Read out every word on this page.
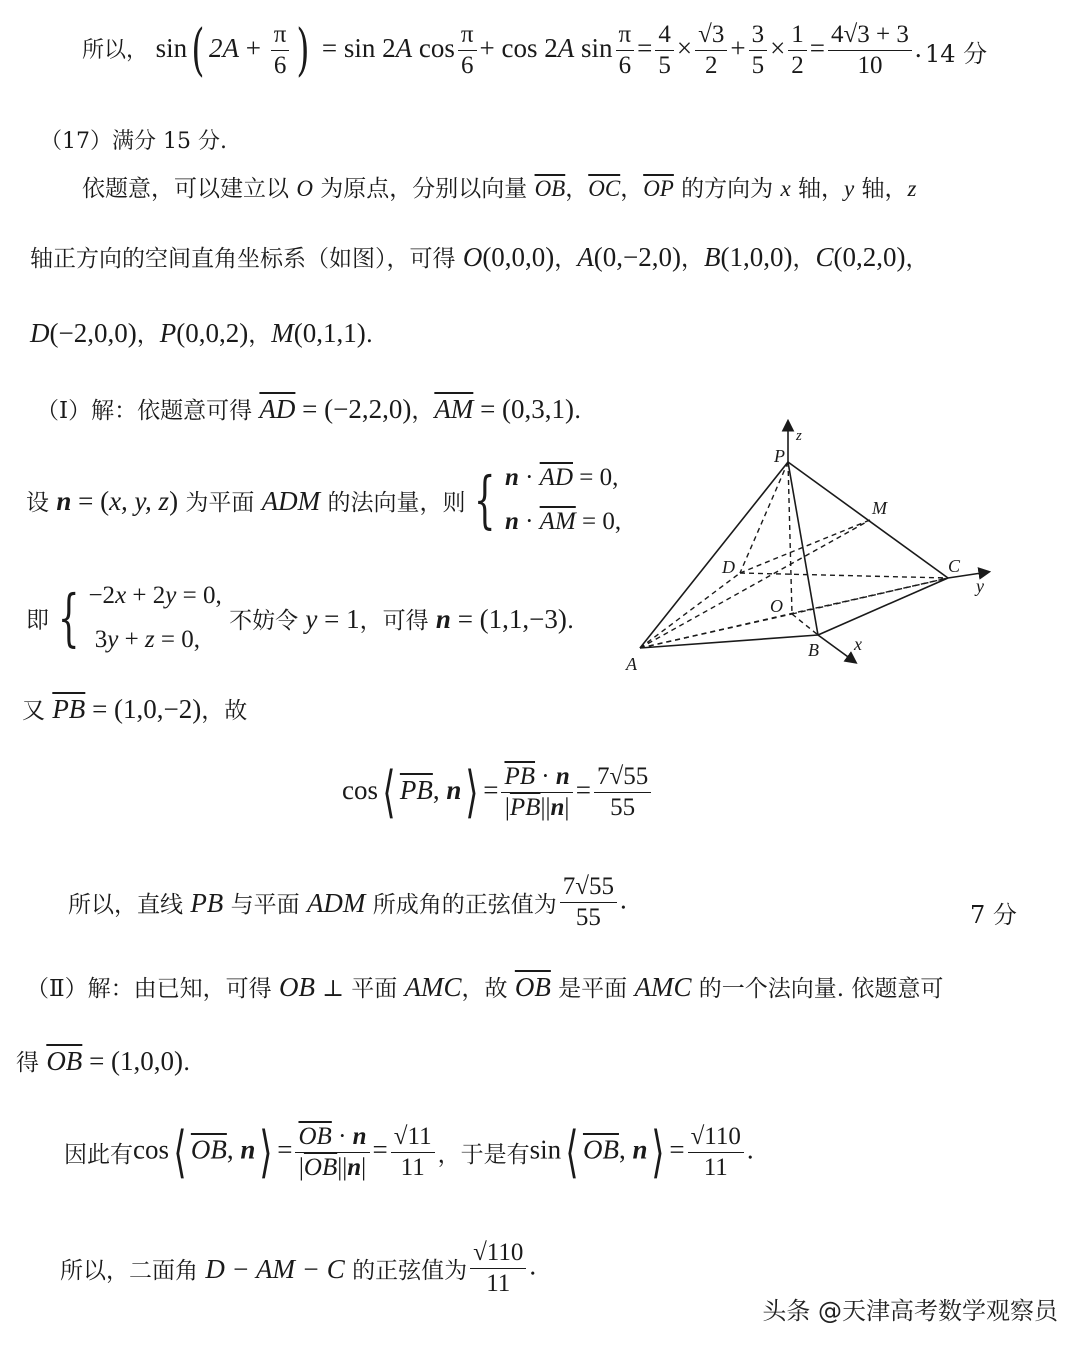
所以， sin( $2A + \frac{\pi}{6}$ ) = sin 2A $\cos \frac{\pi}{6} + \cos 2A$ $\sin \frac{\pi}{6} = \frac{4}{5} \times \frac{√3}{2} + \frac{3}{5} \times \frac{1}{2} = \frac{4√3 + 3}{10}$ . 14 分
（17）满分 15 分.
依题意，可以建立以 O 为原点，分别以向量 $\overline{OB}$，$\overline{OC}$，$\overline{OP}$ 的方向为 x 轴，y 轴，z
轴正方向的空间直角坐标系（如图），可得 O(0,0,0)，A(0,−2,0)，B(1,0,0)，C(0,2,0)，
D(−2,0,0)，P(0,0,2)，M(0,1,1).
（Ⅰ）解：依题意可得 $\overline{AD} = (-2,2,0)$，$\overline{AM} = (0,3,1)$.
设 n = (x, y, z) 为平面 ADM 的法向量，则 { $n \cdot \overline{AD} = 0$,
$n \cdot \overline{AM} = 0$,
即 { −2x + 2y = 0,
3y + z = 0,
不妨令 y = 1，可得 n = (1,1,−3).
又 $\overline{PB} = (1,0,-2)$，故
cos⟨ $\overline{PB}$, n⟩ = $\frac{\overline{PB} \cdot n}{|\overline{PB}||n|} = \frac{7√55}{55}$
所以，直线 PB 与平面 ADM 所成角的正弦值为 $\frac{7√55}{55}$ .
7 分
（Ⅱ）解：由已知，可得 OB ⊥ 平面 AMC，故 $\overline{OB}$ 是平面 AMC 的一个法向量. 依题意可
得 $\overline{OB} = (1,0,0)$.
因此有cos⟨ $\overline{OB}$, n⟩ = $\frac{\overline{OB} \cdot n}{|\overline{OB}||n|} = \frac{√11}{11}$ ，于是有sin⟨ $\overline{OB}$, n⟩ = $\frac{√110}{11}$ .
所以，二面角 D − AM − C 的正弦值为 $\frac{√110}{11}$ .
P
z
M
D	C
y
O
A
B x
头条 @天津高考数学观察员
